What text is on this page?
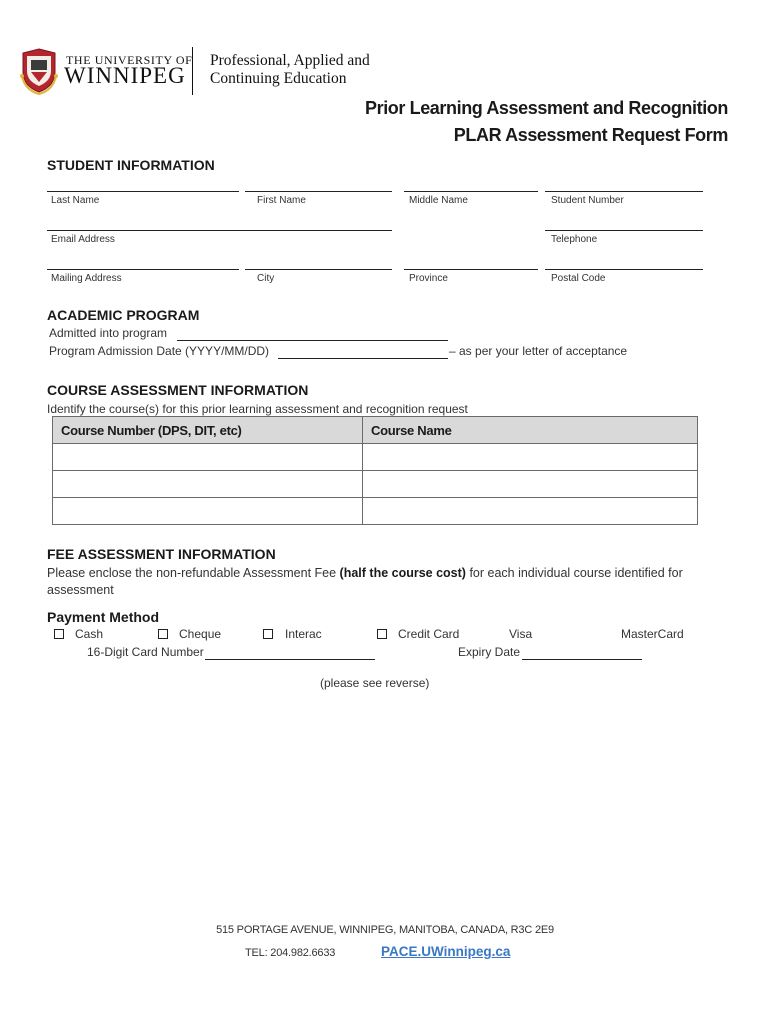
THE UNIVERSITY OF
WINNIPEG
Professional, Applied and
Continuing Education
Prior Learning Assessment and Recognition
PLAR Assessment Request Form
STUDENT INFORMATION
Last Name	First Name	Middle Name	Student Number
Email Address	Telephone
Mailing Address	City	Province	Postal Code
ACADEMIC PROGRAM
Admitted into program
Program Admission Date (YYYY/MM/DD)	– as per your letter of acceptance
COURSE ASSESSMENT INFORMATION
Identify the course(s) for this prior learning assessment and recognition request
Course Number (DPS, DIT, etc)	Course Name

FEE ASSESSMENT INFORMATION
Please enclose the non-refundable Assessment Fee (half the course cost) for each individual course identified for
assessment
Payment Method
Cash	Cheque	Interac	Credit Card	Visa	MasterCard
16-Digit Card Number	Expiry Date
(please see reverse)
515 PORTAGE AVENUE, WINNIPEG, MANITOBA, CANADA, R3C 2E9
TEL: 204.982.6633	PACE.UWinnipeg.ca
